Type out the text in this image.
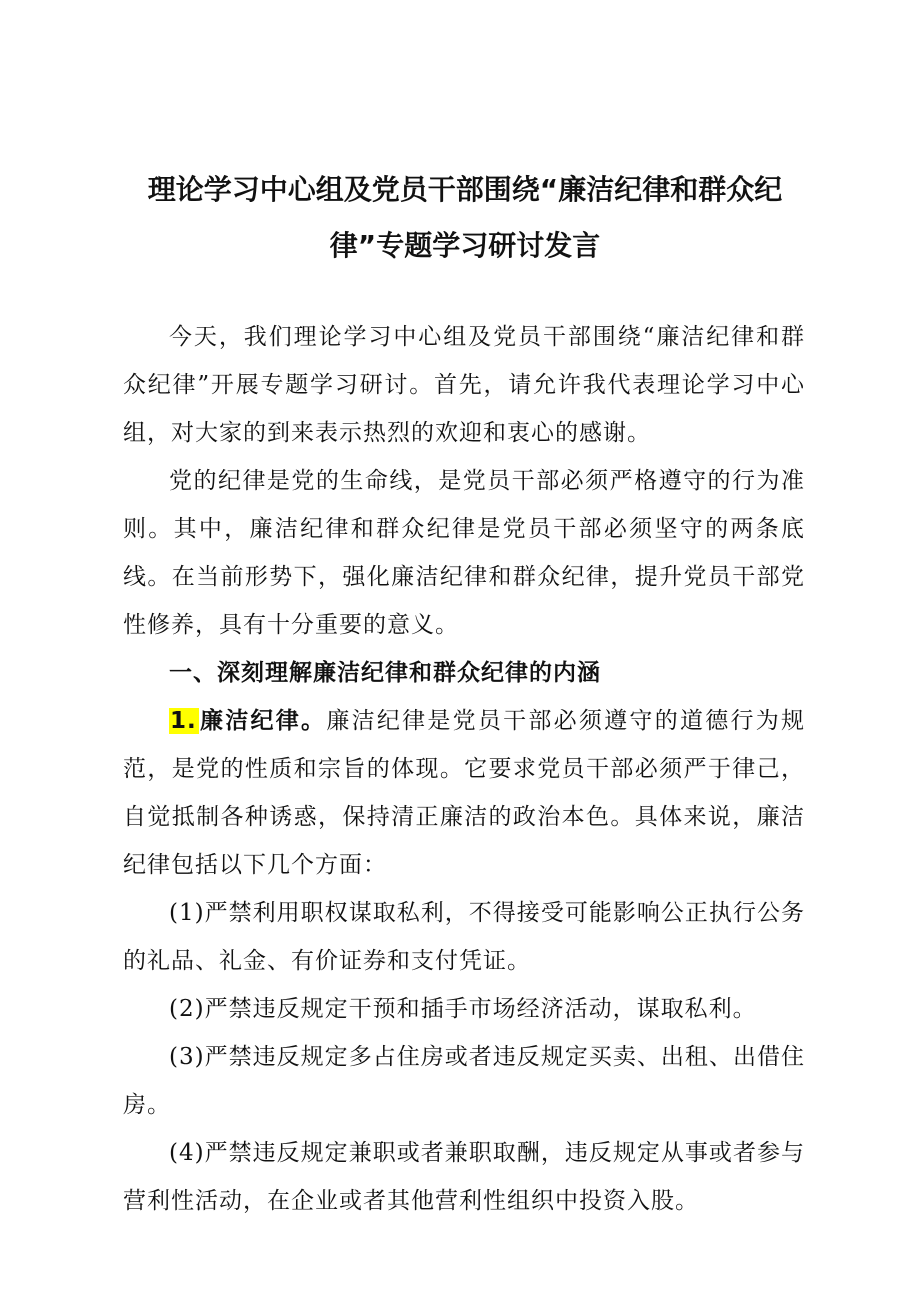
理论学习中心组及党员干部围绕“廉洁纪律和群众纪
律”专题学习研讨发言

今天，我们理论学习中心组及党员干部围绕“廉洁纪律和群众纪律”开展专题学习研讨。首先，请允许我代表理论学习中心组，对大家的到来表示热烈的欢迎和衷心的感谢。

党的纪律是党的生命线，是党员干部必须严格遵守的行为准则。其中，廉洁纪律和群众纪律是党员干部必须坚守的两条底线。在当前形势下，强化廉洁纪律和群众纪律，提升党员干部党性修养，具有十分重要的意义。

一、深刻理解廉洁纪律和群众纪律的内涵

1.廉洁纪律。廉洁纪律是党员干部必须遵守的道德行为规范，是党的性质和宗旨的体现。它要求党员干部必须严于律己，自觉抵制各种诱惑，保持清正廉洁的政治本色。具体来说，廉洁纪律包括以下几个方面：

(1)严禁利用职权谋取私利，不得接受可能影响公正执行公务的礼品、礼金、有价证券和支付凭证。

(2)严禁违反规定干预和插手市场经济活动，谋取私利。

(3)严禁违反规定多占住房或者违反规定买卖、出租、出借住房。

(4)严禁违反规定兼职或者兼职取酬，违反规定从事或者参与营利性活动，在企业或者其他营利性组织中投资入股。
